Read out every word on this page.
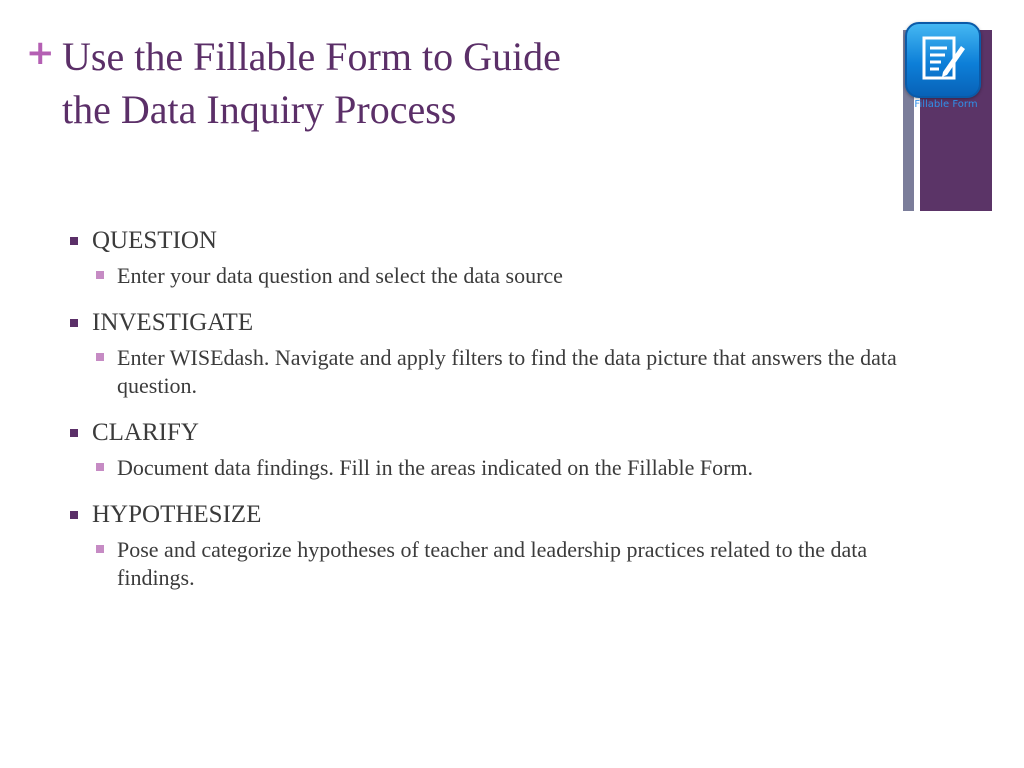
+ Use the Fillable Form to Guide
the Data Inquiry Process	Fillable Form
QUESTION
Enter your data question and select the data source
INVESTIGATE
Enter WISEdash. Navigate and apply filters to find the data picture that answers the data question.
CLARIFY
Document data findings. Fill in the areas indicated on the Fillable Form.
HYPOTHESIZE
Pose and categorize hypotheses of teacher and leadership practices related to the data findings.
